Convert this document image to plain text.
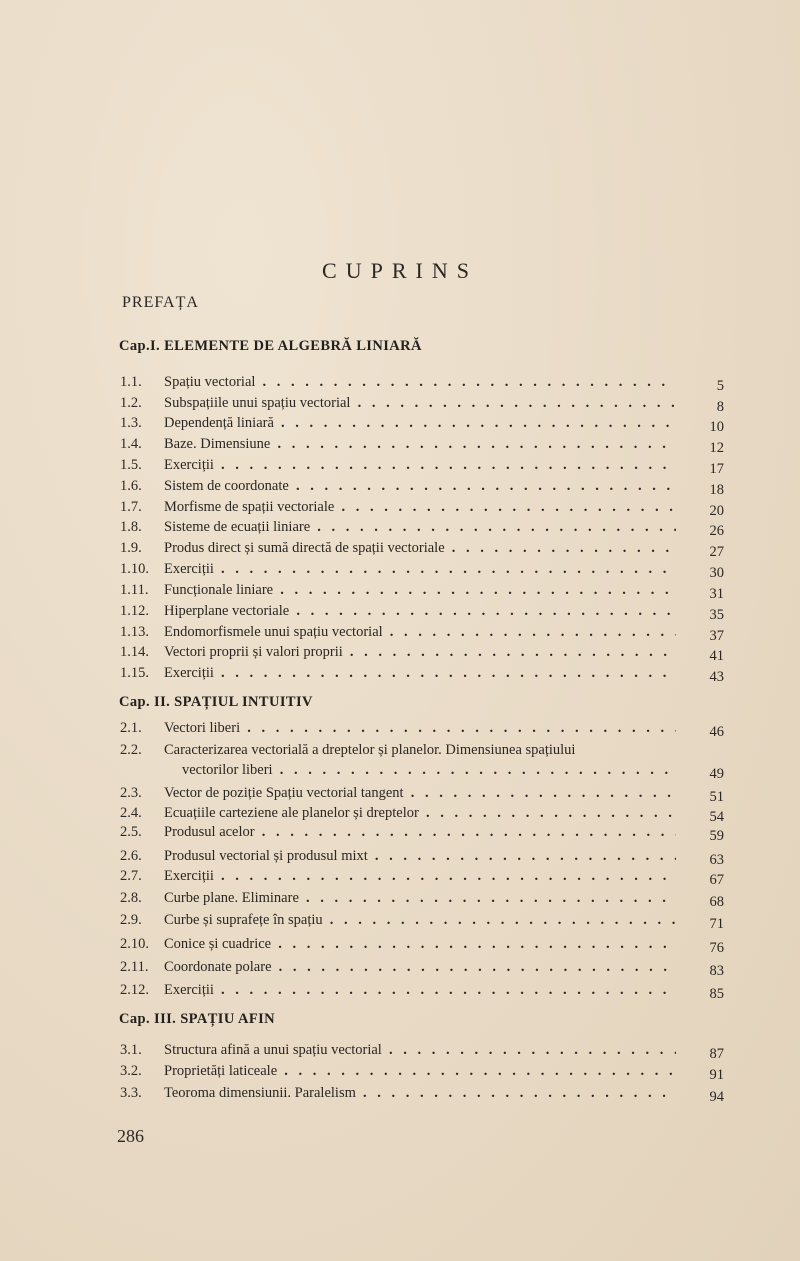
CUPRINS
PREFAȚA
Cap.I. ELEMENTE DE ALGEBRĂ LINIARĂ
1.1.	Spațiu vectorial . . .	5
1.2.	Subspațiile unui spațiu vectorial . . .	8
1.3.	Dependență liniară . . .	10
1.4.	Baze. Dimensiune . . .	12
1.5.	Exerciții . . .	17
1.6.	Sistem de coordonate . . .	18
1.7.	Morfisme de spații vectoriale . . .	20
1.8.	Sisteme de ecuații liniare . . .	26
1.9.	Produs direct și sumă directă de spații vectoriale . . .	27
1.10.	Exerciții . . .	30
1.11.	Funcționale liniare . . .	31
1.12.	Hiperplane vectoriale . . .	35
1.13.	Endomorfismele unui spațiu vectorial . . .	37
1.14.	Vectori proprii și valori proprii . . .	41
1.15.	Exerciții . . .	43
Cap. II. SPAȚIUL INTUITIV
2.1.	Vectori liberi . . .	46
2.2.	Caracterizarea vectorială a dreptelor și planelor. Dimensiunea spațiului
vectorilor liberi . . .	49
2.3.	Vector de poziție Spațiu vectorial tangent . . .	51
2.4.	Ecuațiile carteziene ale planelor și dreptelor . . .	54
2.5.	Produsul acelor . . .	59
2.6.	Produsul vectorial și produsul mixt . . .	63
2.7.	Exerciții . . .	67
2.8.	Curbe plane. Eliminare . . .	68
2.9.	Curbe și suprafețe în spațiu . . .	71
2.10.	Conice și cuadrice . . .	76
2.11.	Coordonate polare . . .	83
2.12.	Exerciții . . .	85
Cap. III. SPAȚIU AFIN
3.1.	Structura afină a unui spațiu vectorial . . .	87
3.2.	Proprietăți laticeale . . .	91
3.3.	Teoroma dimensiunii. Paralelism . . .	94
286
